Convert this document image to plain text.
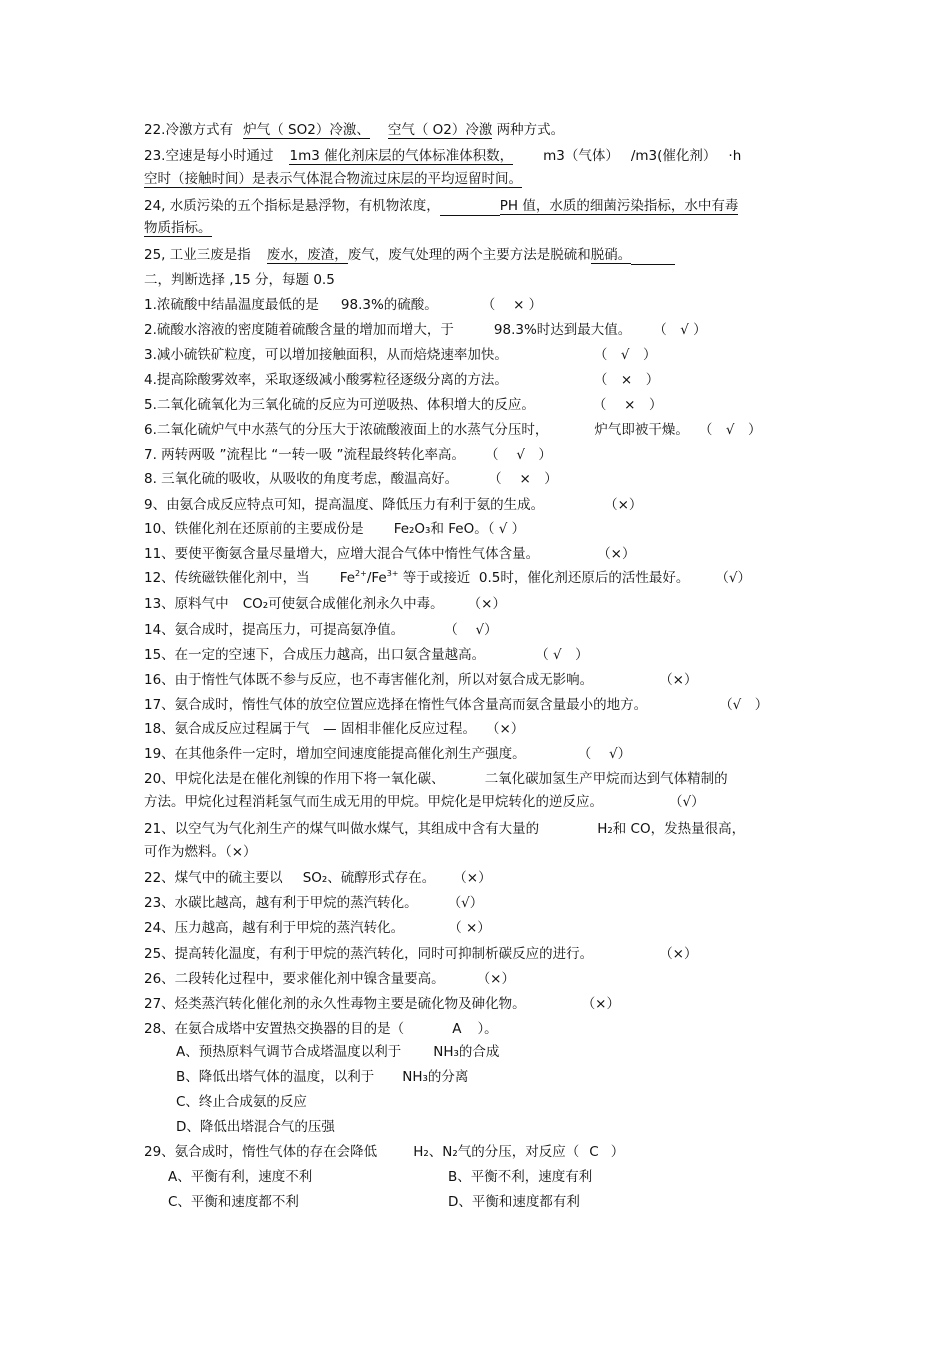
22.冷激方式有 炉气（ SO2）冷激、 空气（ O2）冷激 两种方式。
23.空速是每小时通过 1m3 催化剂床层的气体标准体积数， m3（气体） /m3(催化剂） ·h
空时（接触时间）是表示气体混合物流过床层的平均逗留时间。
24, 水质污染的五个指标是悬浮物，有机物浓度，	PH 值，水质的细菌污染指标，水中有毒
物质指标。
25, 工业三废是指 废水，废渣，废气，废气处理的两个主要方法是脱硫和脱硝。
二，判断选择 ,15 分，每题 0.5
1.浓硫酸中结晶温度最低的是 98.3%的硫酸。	（　 × ）
2.硫酸水溶液的密度随着硫酸含量的增加而增大，于	98.3%时达到最大值。 （　√ ）
3.减小硫铁矿粒度，可以增加接触面积，从而焙烧速率加快。	（　√　）
4.提高除酸雾效率，采取逐级减小酸雾粒径逐级分离的方法。	（　×　）
5.二氧化硫氧化为三氧化硫的反应为可逆吸热、体积增大的反应。	（　 ×　）
6.二氧化硫炉气中水蒸气的分压大于浓硫酸液面上的水蒸气分压时，	炉气即被干燥。 （　√　）
7. 两转两吸 ”流程比 “一转一吸 ”流程最终转化率高。 （　 √　）
8. 三氧化硫的吸收，从吸收的角度考虑，酸温高好。 （　 ×　）
9、由氨合成反应特点可知，提高温度、降低压力有利于氨的生成。	（×）
10、铁催化剂在还原前的主要成份是 Fe₂O₃和 FeO。（ √ ）
11、要使平衡氨含量尽量增大，应增大混合气体中惰性气体含量。	（×）
12、传统磁铁催化剂中，当 $Fe^{2+}/Fe^{3+}$ 等于或接近  0.5时，催化剂还原后的活性最好。 （√）
13、原料气中 CO₂可使氨合成催化剂永久中毒。 （×）
14、氨合成时，提高压力，可提高氨净值。	（　 √）
15、在一定的空速下，合成压力越高，出口氨含量越高。	（ √　）
16、由于惰性气体既不参与反应，也不毒害催化剂，所以对氨合成无影响。	（×）
17、氨合成时，惰性气体的放空位置应选择在惰性气体含量高而氨含量最小的地方。	（√　）
18、氨合成反应过程属于气　— 固相非催化反应过程。 （×）
19、在其他条件一定时，增加空间速度能提高催化剂生产强度。	（　 √）
20、甲烷化法是在催化剂镍的作用下将一氧化碳、	二氧化碳加氢生产甲烷而达到气体精制的
方法。甲烷化过程消耗氢气而生成无用的甲烷。甲烷化是甲烷转化的逆反应。	（√）
21、以空气为气化剂生产的煤气叫做水煤气，其组成中含有大量的	H₂和 CO，发热量很高，
可作为燃料。（×）
22、煤气中的硫主要以 SO₂、硫醇形式存在。 （×）
23、水碳比越高，越有利于甲烷的蒸汽转化。 （√）
24、压力越高，越有利于甲烷的蒸汽转化。	（ ×）
25、提高转化温度，有利于甲烷的蒸汽转化，同时可抑制析碳反应的进行。	（×）
26、二段转化过程中，要求催化剂中镍含量要高。 （×）
27、烃类蒸汽转化催化剂的永久性毒物主要是硫化物及砷化物。	（×）
28、在氨合成塔中安置热交换器的目的是（	A ）。
A、预热原料气调节合成塔温度以利于 NH₃的合成
B、降低出塔气体的温度，以利于 NH₃的分离
C、终止合成氨的反应
D、降低出塔混合气的压强
29、氨合成时，惰性气体的存在会降低	H₂、N₂气的分压，对反应（ C ）
A、平衡有利，速度不利	B、平衡不利，速度有利
C、平衡和速度都不利	D、平衡和速度都有利
